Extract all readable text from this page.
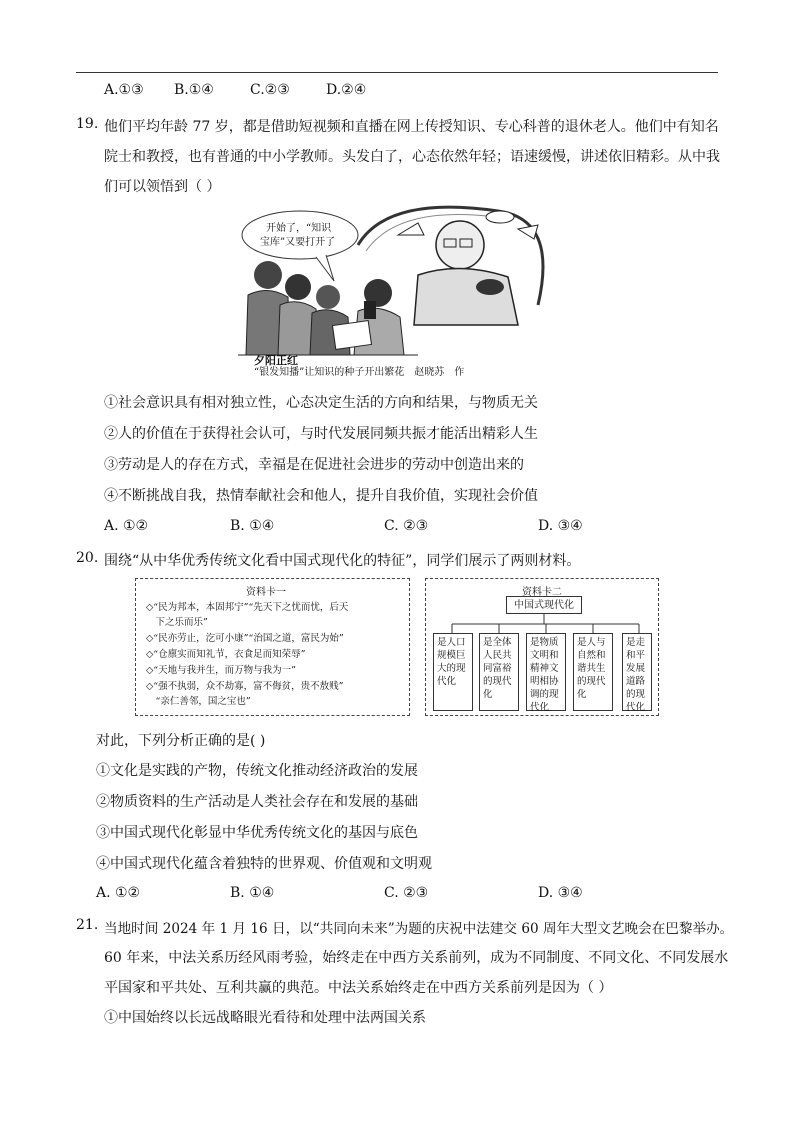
A.①③ B.①④	C.②③	D.②④
19. 他们平均年龄 77 岁，都是借助短视频和直播在网上传授知识、专心科普的退休老人。他们中有知名
院士和教授，也有普通的中小学教师。头发白了，心态依然年轻；语速缓慢，讲述依旧精彩。从中我
们可以领悟到（ ）
开始了，“知识
宝库”又要打开了
夕阳正红
“银发知播”让知识的种子开出繁花　赵晓苏　作
①社会意识具有相对独立性，心态决定生活的方向和结果，与物质无关
②人的价值在于获得社会认可，与时代发展同频共振才能活出精彩人生
③劳动是人的存在方式，幸福是在促进社会进步的劳动中创造出来的
④不断挑战自我，热情奉献社会和他人，提升自我价值，实现社会价值
A. ①②	B. ①④	C. ②③	D. ③④
20. 围绕“从中华优秀传统文化看中国式现代化的特征”，同学们展示了两则材料。
资料卡一
◇“民为邦本，本固邦宁”“先天下之忧而忧，后天
　下之乐而乐”
◇“民亦劳止，汔可小康”“治国之道，富民为始”
◇“仓廪实而知礼节，衣食足而知荣辱”
◇“天地与我并生，而万物与我为一”
◇“强不执弱，众不劫寡，富不侮贫，贵不敖贱”
　“亲仁善邻，国之宝也”
资料卡二
中国式现代化
是人口规模巨大的现代化
是全体人民共同富裕的现代化
是物质文明和精神文明相协调的现代化
是人与自然和谐共生的现代化
是走和平发展道路的现代化
对此，下列分析正确的是( )
①文化是实践的产物，传统文化推动经济政治的发展
②物质资料的生产活动是人类社会存在和发展的基础
③中国式现代化彰显中华优秀传统文化的基因与底色
④中国式现代化蕴含着独特的世界观、价值观和文明观
A. ①②	B. ①④	C. ②③	D. ③④
21. 当地时间 2024 年 1 月 16 日，以“共同向未来”为题的庆祝中法建交 60 周年大型文艺晚会在巴黎举办。
60 年来，中法关系历经风雨考验，始终走在中西方关系前列，成为不同制度、不同文化、不同发展水
平国家和平共处、互利共赢的典范。中法关系始终走在中西方关系前列是因为（ ）
①中国始终以长远战略眼光看待和处理中法两国关系
